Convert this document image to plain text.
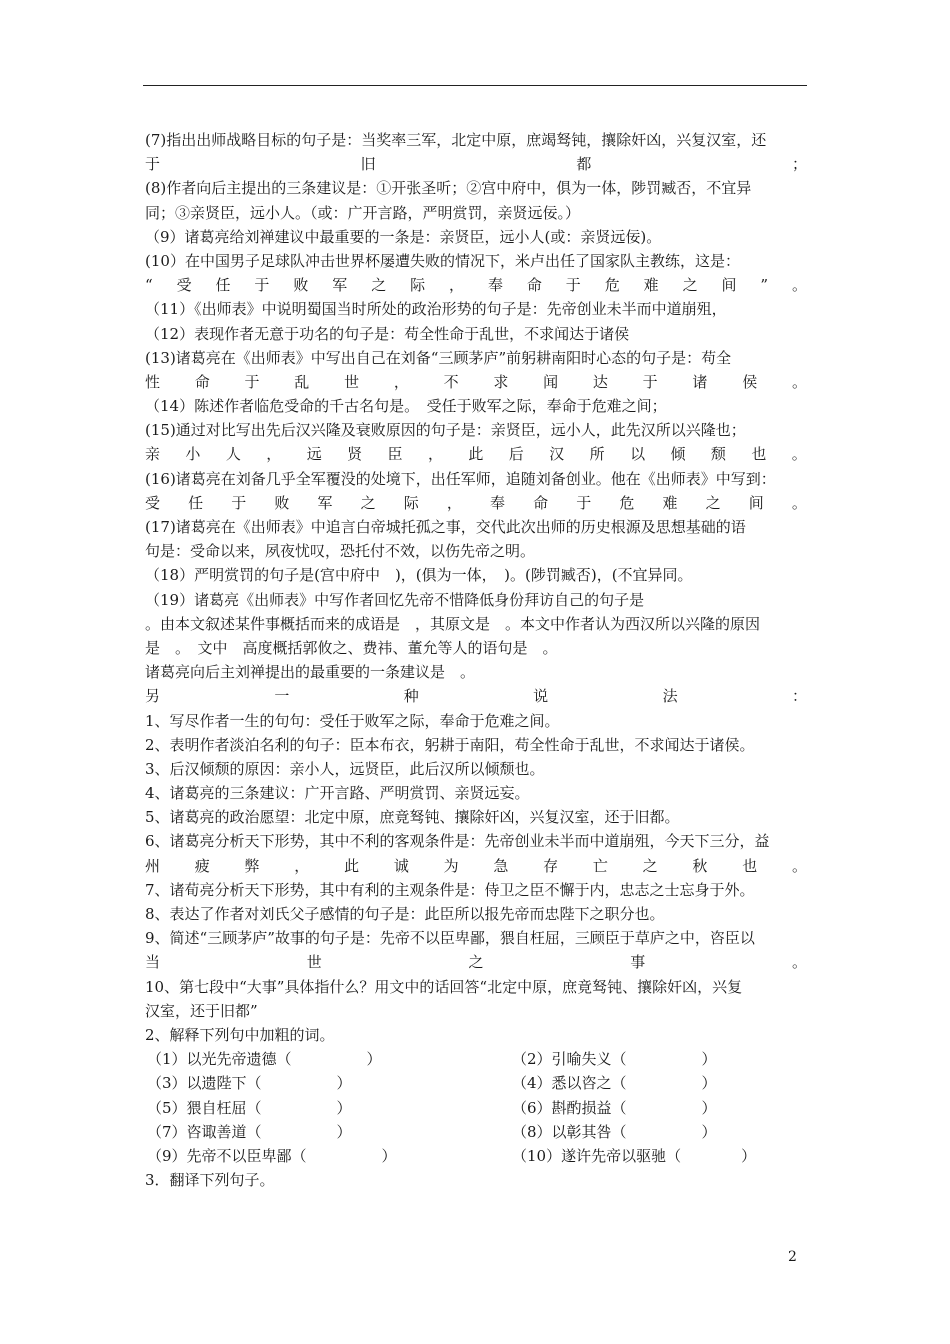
(7)指出出师战略目标的句子是：当奖率三军，北定中原，庶竭驽钝，攘除奸凶，兴复汉室，还
于	旧	都	；
(8)作者向后主提出的三条建议是：①开张圣听；②宫中府中，俱为一体，陟罚臧否，不宜异
同；③亲贤臣，远小人。（或：广开言路，严明赏罚，亲贤远佞。）
（9）诸葛亮给刘禅建议中最重要的一条是：亲贤臣，远小人(或：亲贤远佞)。
(10）在中国男子足球队冲击世界杯屡遭失败的情况下，米卢出任了国家队主教练，这是：
“ 受 任 于 败 军 之 际 ， 奉 命 于 危 难 之 间 ” 。
（11）《出师表》中说明蜀国当时所处的政治形势的句子是：先帝创业未半而中道崩殂，
（12）表现作者无意于功名的句子是：苟全性命于乱世，不求闻达于诸侯
(13)诸葛亮在《出师表》中写出自己在刘备“三顾茅庐”前躬耕南阳时心态的句子是：苟全
性 命 于 乱 世 ， 不 求 闻 达 于 诸 侯 。
（14）陈述作者临危受命的千古名句是。　受任于败军之际，奉命于危难之间；
(15)通过对比写出先后汉兴隆及衰败原因的句子是：亲贤臣，远小人，此先汉所以兴隆也；
亲 小 人 ， 远 贤 臣 ， 此 后 汉 所 以 倾 颓 也 。
(16)诸葛亮在刘备几乎全军覆没的处境下，出任军师，追随刘备创业。他在《出师表》中写到：
受 任 于 败 军 之 际 ， 奉 命 于 危 难 之 间 。
(17)诸葛亮在《出师表》中追言白帝城托孤之事，交代此次出师的历史根源及思想基础的语
句是：受命以来，夙夜忧叹，恐托付不效，以伤先帝之明。
（18）严明赏罚的句子是(宫中府中　)，(俱为一体，　)。(陟罚臧否)，(不宜异同。
（19）诸葛亮《出师表》中写作者回忆先帝不惜降低身份拜访自己的句子是
。由本文叙述某件事概括而来的成语是　，其原文是　。本文中作者认为西汉所以兴隆的原因
是　。　文中　高度概括郭攸之、费祎、董允等人的语句是　。
诸葛亮向后主刘禅提出的最重要的一条建议是　。
另	一	种	说	法	：
1、写尽作者一生的句句：受任于败军之际，奉命于危难之间。
2、表明作者淡泊名利的句子：臣本布衣，躬耕于南阳，苟全性命于乱世，不求闻达于诸侯。
3、后汉倾颓的原因：亲小人，远贤臣，此后汉所以倾颓也。
4、诸葛亮的三条建议：广开言路、严明赏罚、亲贤远妄。
5、诸葛亮的政治愿望：北定中原，庶竟驽钝、攘除奸凶，兴复汉室，还于旧都。
6、诸葛亮分析天下形势，其中不利的客观条件是：先帝创业未半而中道崩殂，今天下三分，益
州 疲 弊 ， 此 诚 为 急 存 亡 之 秋 也 。
7、诸荀亮分析天下形势，其中有利的主观条件是：侍卫之臣不懈于内，忠志之士忘身于外。
8、表达了作者对刘氏父子感情的句子是：此臣所以报先帝而忠陛下之职分也。
9、简述“三顾茅庐”故事的句子是：先帝不以臣卑鄙，猥自枉屈，三顾臣于草庐之中，咨臣以
当	世	之	事	。
10、第七段中“大事”具体指什么？用文中的话回答“北定中原，庶竟驽钝、攘除奸凶，兴复
汉室，还于旧都”
2、解释下列句中加粗的词。
（1）以光先帝遗德（　　　　　）	（2）引喻失义（　　　　　）
（3）以遗陛下（　　　　　）	（4）悉以咨之（　　　　　）
（5）猥自枉屈（　　　　　）	（6）斟酌损益（　　　　　）
（7）咨诹善道（　　　　　）	（8）以彰其咎（　　　　　）
（9）先帝不以臣卑鄙（　　　　　）	（10）遂许先帝以驱驰（　　　　）
3．翻译下列句子。
2
